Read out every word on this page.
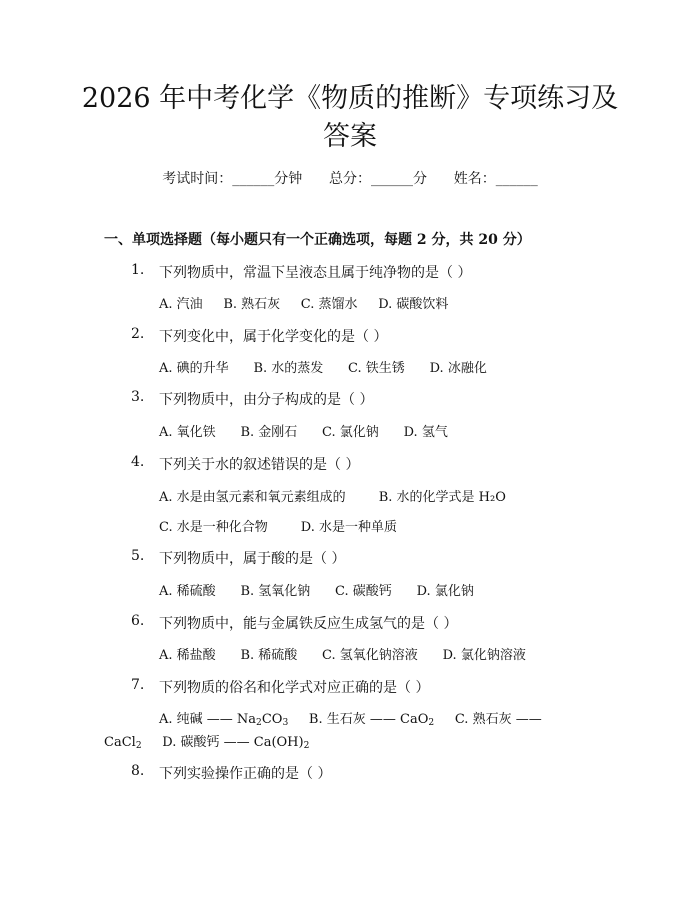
2026 年中考化学《物质的推断》专项练习及
答案
考试时间：______分钟      总分：______分      姓名：______
一、单项选择题（每小题只有一个正确选项，每题 2 分，共 20 分）
1. 下列物质中，常温下呈液态且属于纯净物的是（ ）
A. 汽油     B. 熟石灰     C. 蒸馏水     D. 碳酸饮料
2. 下列变化中，属于化学变化的是（ ）
A. 碘的升华      B. 水的蒸发      C. 铁生锈      D. 冰融化
3. 下列物质中，由分子构成的是（ ）
A. 氧化铁      B. 金刚石      C. 氯化钠      D. 氢气
4. 下列关于水的叙述错误的是（ ）
A. 水是由氢元素和氧元素组成的        B. 水的化学式是 H₂O
C. 水是一种化合物        D. 水是一种单质
5. 下列物质中，属于酸的是（ ）
A. 稀硫酸      B. 氢氧化钠      C. 碳酸钙      D. 氯化钠
6. 下列物质中，能与金属铁反应生成氢气的是（ ）
A. 稀盐酸      B. 稀硫酸      C. 氢氧化钠溶液      D. 氯化钠溶液
7. 下列物质的俗名和化学式对应正确的是（ ）
A. 纯碱 —— $Na_2CO_3$     B. 生石灰 —— CaO$_2$     C. 熟石灰 ——
CaCl$_2$     D. 碳酸钙 —— $Ca(OH)_2$
8. 下列实验操作正确的是（ ）
